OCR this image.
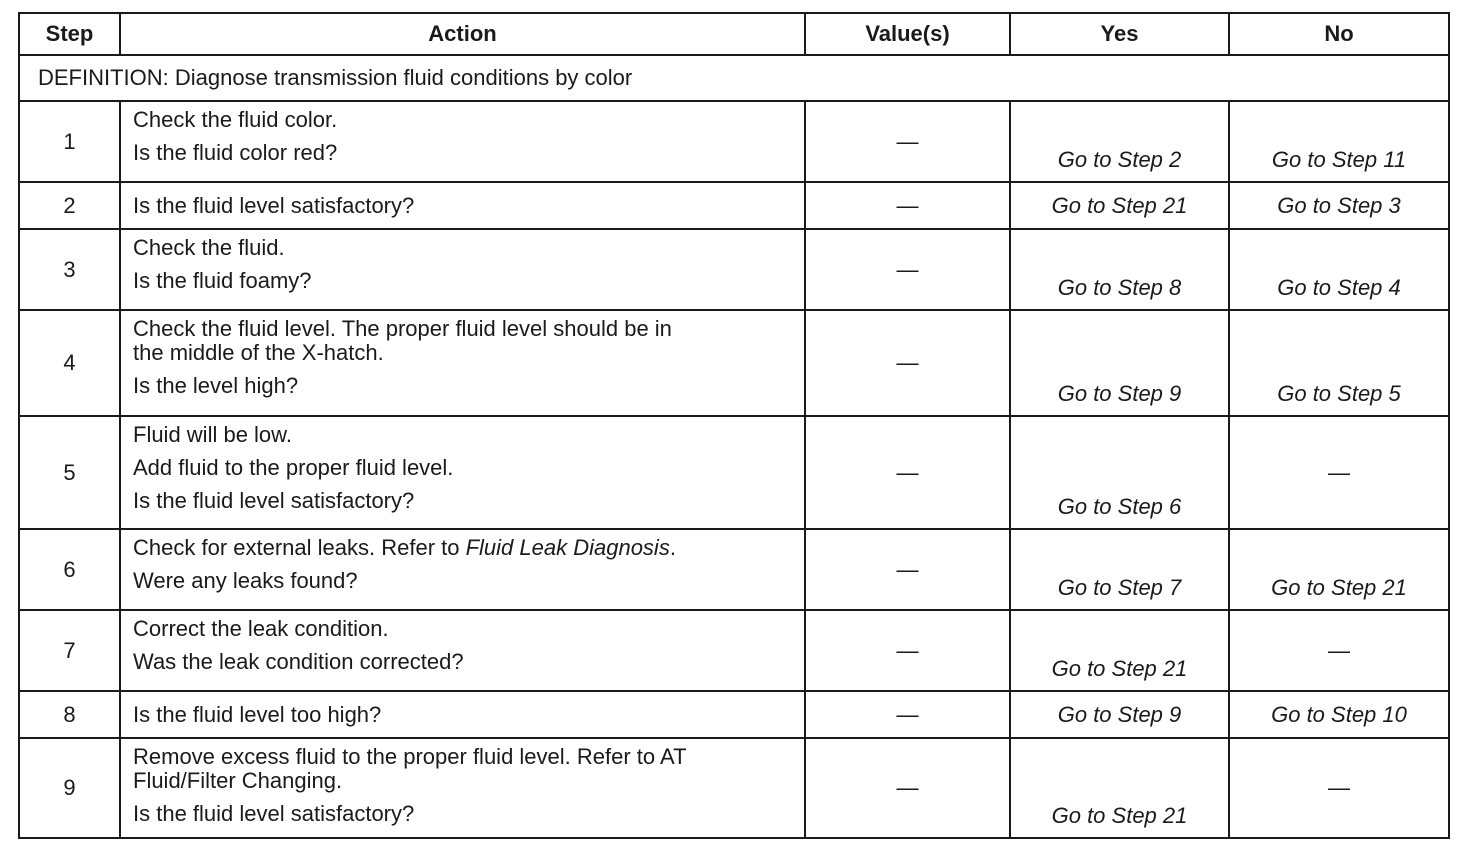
Step	Action	Value(s)	Yes	No
DEFINITION: Diagnose transmission fluid conditions by color				
1	Check the fluid color.
Is the fluid color red?	—	Go to Step 2	Go to Step 11
2	Is the fluid level satisfactory?	—	Go to Step 21	Go to Step 3
3	Check the fluid.
Is the fluid foamy?	—	Go to Step 8	Go to Step 4
4	Check the fluid level. The proper fluid level should be in
the middle of the X-hatch.
Is the level high?	—	Go to Step 9	Go to Step 5
5	Fluid will be low.
Add fluid to the proper fluid level.
Is the fluid level satisfactory?	—	Go to Step 6	—
6	Check for external leaks. Refer to Fluid Leak Diagnosis.
Were any leaks found?	—	Go to Step 7	Go to Step 21
7	Correct the leak condition.
Was the leak condition corrected?	—	Go to Step 21	—
8	Is the fluid level too high?	—	Go to Step 9	Go to Step 10
9	Remove excess fluid to the proper fluid level. Refer to AT
Fluid/Filter Changing.
Is the fluid level satisfactory?	—	Go to Step 21	—
